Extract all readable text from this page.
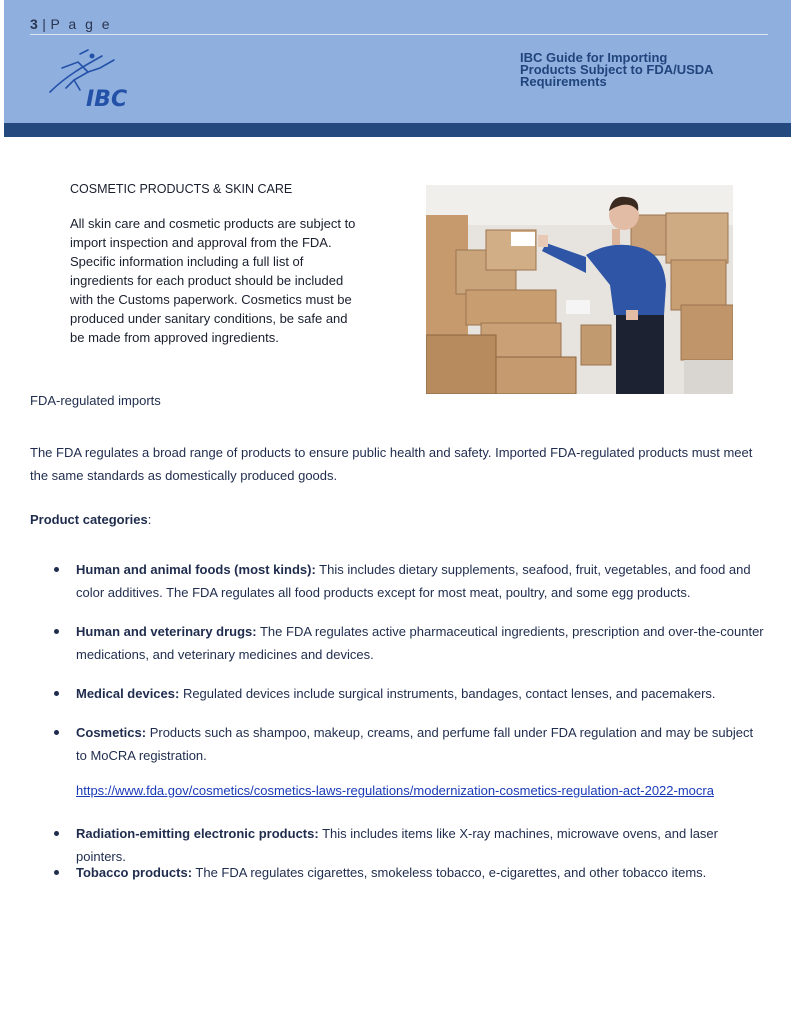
3 | P a g e
IBC
IBC Guide for Importing
Products Subject to FDA/USDA
Requirements
COSMETIC PRODUCTS & SKIN CARE
All skin care and cosmetic products are subject to import inspection and approval from the FDA. Specific information including a full list of ingredients for each product should be included with the Customs paperwork. Cosmetics must be produced under sanitary conditions, be safe and be made from approved ingredients.
FDA-regulated imports
The FDA regulates a broad range of products to ensure public health and safety. Imported FDA-regulated products must meet the same standards as domestically produced goods.
Product categories:
Human and animal foods (most kinds): This includes dietary supplements, seafood, fruit, vegetables, and food and color additives. The FDA regulates all food products except for most meat, poultry, and some egg products.
Human and veterinary drugs: The FDA regulates active pharmaceutical ingredients, prescription and over-the-counter medications, and veterinary medicines and devices.
Medical devices: Regulated devices include surgical instruments, bandages, contact lenses, and pacemakers.
Cosmetics: Products such as shampoo, makeup, creams, and perfume fall under FDA regulation and may be subject to MoCRA registration.
Radiation-emitting electronic products: This includes items like X-ray machines, microwave ovens, and laser pointers.
Tobacco products: The FDA regulates cigarettes, smokeless tobacco, e-cigarettes, and other tobacco items.
https://www.fda.gov/cosmetics/cosmetics-laws-regulations/modernization-cosmetics-regulation-act-2022-mocra
